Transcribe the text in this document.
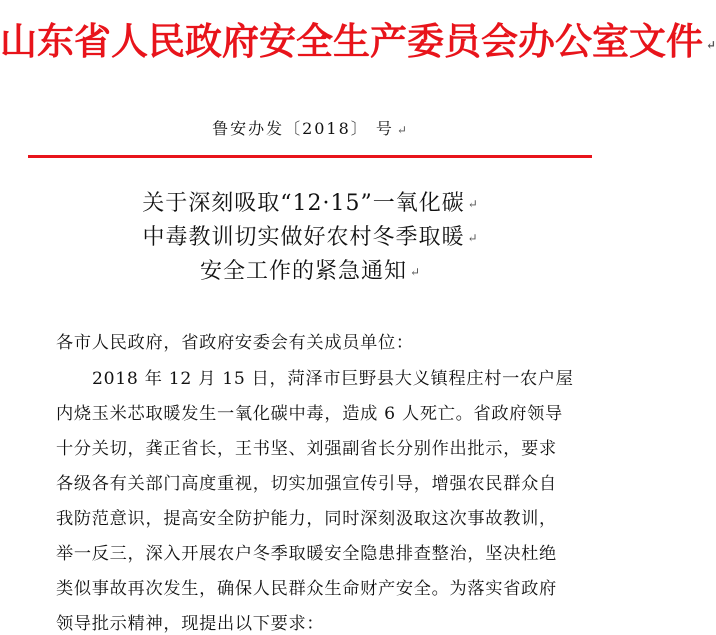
山东省人民政府安全生产委员会办公室文件 ↵
鲁安办发〔2018〕 号 ↵
关于深刻吸取“12·15”一氧化碳 ↵
中毒教训切实做好农村冬季取暖 ↵
安全工作的紧急通知 ↵
各市人民政府，省政府安委会有关成员单位：
2018 年 12 月 15 日，菏泽市巨野县大义镇程庄村一农户屋
内烧玉米芯取暖发生一氧化碳中毒，造成 6 人死亡。省政府领导
十分关切，龚正省长，王书坚、刘强副省长分别作出批示，要求
各级各有关部门高度重视，切实加强宣传引导，增强农民群众自
我防范意识，提高安全防护能力，同时深刻汲取这次事故教训，
举一反三，深入开展农户冬季取暖安全隐患排查整治，坚决杜绝
类似事故再次发生，确保人民群众生命财产安全。为落实省政府
领导批示精神，现提出以下要求：
